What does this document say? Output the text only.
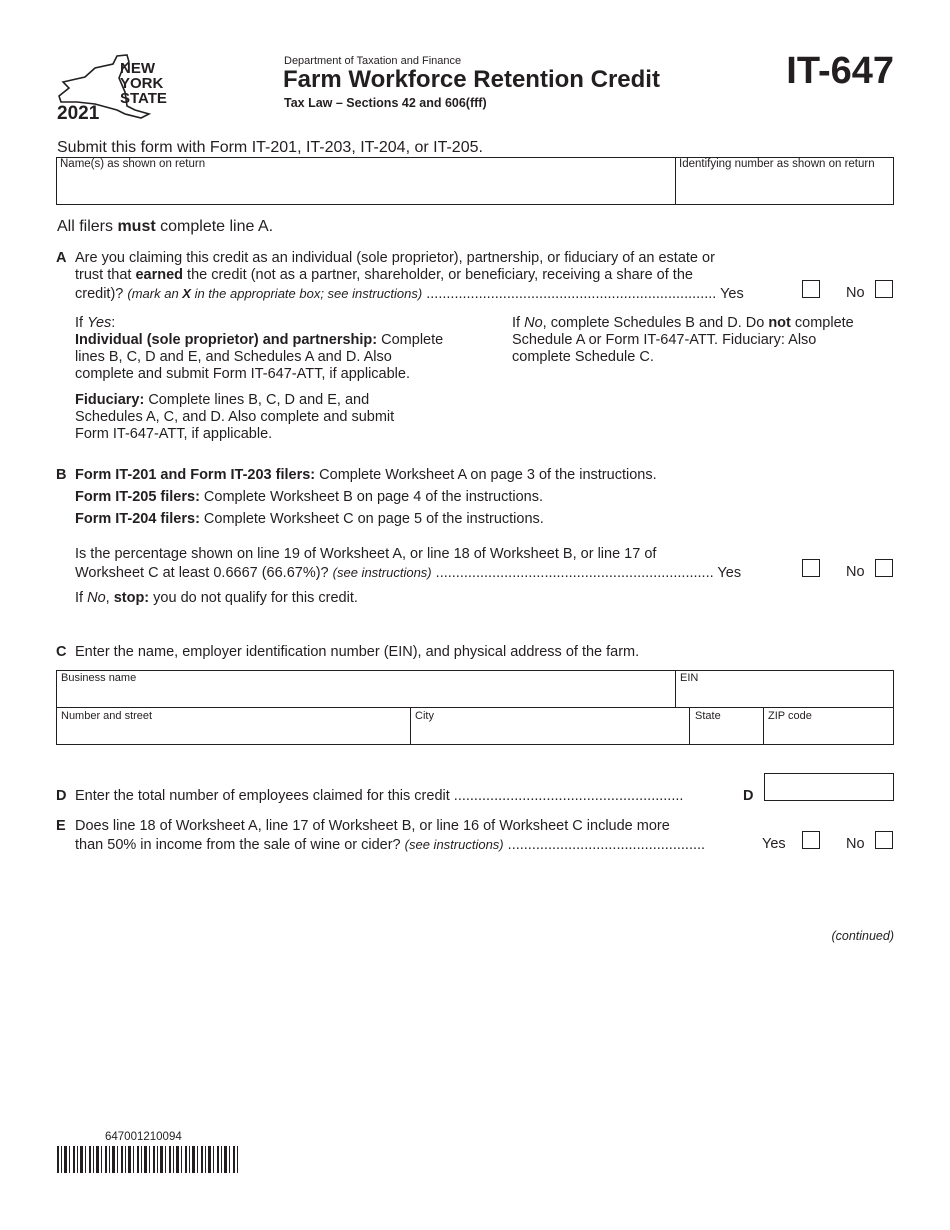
NEW
YORK
STATE
2021
Department of Taxation and Finance
Farm Workforce Retention Credit
Tax Law – Sections 42 and 606(fff)
IT-647
Submit this form with Form IT-201, IT-203, IT-204, or IT-205.
Name(s) as shown on return	Identifying number as shown on return
All filers must complete line A.
A Are you claiming this credit as an individual (sole proprietor), partnership, or fiduciary of an estate or
trust that earned the credit (not as a partner, shareholder, or beneficiary, receiving a share of the
credit)? (mark an X in the appropriate box; see instructions) ........................................................................ Yes	No
If Yes:
Individual (sole proprietor) and partnership: Complete
lines B, C, D and E, and Schedules A and D. Also
complete and submit Form IT-647-ATT, if applicable.
Fiduciary: Complete lines B, C, D and E, and
Schedules A, C, and D. Also complete and submit
Form IT-647-ATT, if applicable.
If No, complete Schedules B and D. Do not complete
Schedule A or Form IT-647-ATT. Fiduciary: Also
complete Schedule C.
B Form IT-201 and Form IT-203 filers: Complete Worksheet A on page 3 of the instructions.
Form IT-205 filers: Complete Worksheet B on page 4 of the instructions.
Form IT-204 filers: Complete Worksheet C on page 5 of the instructions.
Is the percentage shown on line 19 of Worksheet A, or line 18 of Worksheet B, or line 17 of
Worksheet C at least 0.6667 (66.67%)? (see instructions) ..................................................................... Yes	No
If No, stop: you do not qualify for this credit.
C Enter the name, employer identification number (EIN), and physical address of the farm.
Business name	EIN
Number and street	City	State	ZIP code
D Enter the total number of employees claimed for this credit .........................................................	D
E Does line 18 of Worksheet A, line 17 of Worksheet B, or line 16 of Worksheet C include more
than 50% in income from the sale of wine or cider? (see instructions) .................................................	Yes	No
(continued)
647001210094
